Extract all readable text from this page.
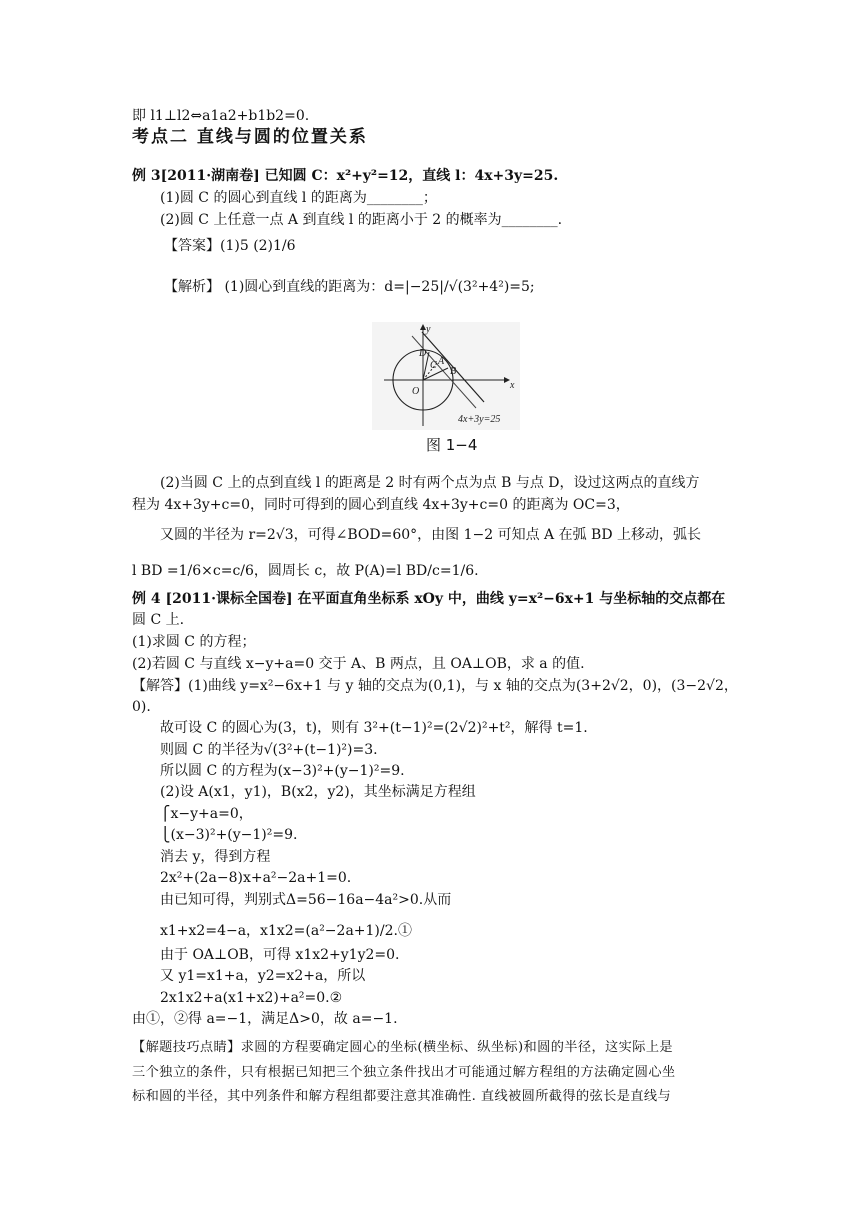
即 l1⊥l2⇔a1a2+b1b2=0.
考点二 直线与圆的位置关系
例 3[2011·湖南卷] 已知圆 C：x²+y²=12，直线 l：4x+3y=25.
(1)圆 C 的圆心到直线 l 的距离为________；
(2)圆 C 上任意一点 A 到直线 l 的距离小于 2 的概率为________.
【答案】(1)5 (2)1/6
【解析】 (1)圆心到直线的距离为：d=|−25|/√(3²+4²)=5;
y
D
C A
B
O
x
4x+3y=25
图 1−4
(2)当圆 C 上的点到直线 l 的距离是 2 时有两个点为点 B 与点 D，设过这两点的直线方
程为 4x+3y+c=0，同时可得到的圆心到直线 4x+3y+c=0 的距离为 OC=3，
又圆的半径为 r=2√3，可得∠BOD=60°，由图 1−2 可知点 A 在弧 BD 上移动，弧长
l BD =1/6×c=c/6，圆周长 c，故 P(A)=l BD/c=1/6.
例 4 [2011·课标全国卷] 在平面直角坐标系 xOy 中，曲线 y=x²−6x+1 与坐标轴的交点都在
圆 C 上.
(1)求圆 C 的方程；
(2)若圆 C 与直线 x−y+a=0 交于 A、B 两点，且 OA⊥OB，求 a 的值.
【解答】(1)曲线 y=x²−6x+1 与 y 轴的交点为(0,1)，与 x 轴的交点为(3+2√2，0)，(3−2√2，
0).
故可设 C 的圆心为(3，t)，则有 3²+(t−1)²=(2√2)²+t²，解得 t=1.
则圆 C 的半径为√(3²+(t−1)²)=3.
所以圆 C 的方程为(x−3)²+(y−1)²=9.
(2)设 A(x1，y1)，B(x2，y2)，其坐标满足方程组
⎧x−y+a=0，
⎩(x−3)²+(y−1)²=9.
消去 y，得到方程
2x²+(2a−8)x+a²−2a+1=0.
由已知可得，判别式Δ=56−16a−4a²>0.从而
x1+x2=4−a，x1x2=(a²−2a+1)/2.①
由于 OA⊥OB，可得 x1x2+y1y2=0.
又 y1=x1+a，y2=x2+a，所以
2x1x2+a(x1+x2)+a²=0.②
由①，②得 a=−1，满足Δ>0，故 a=−1.
【解题技巧点睛】求圆的方程要确定圆心的坐标(横坐标、纵坐标)和圆的半径，这实际上是
三个独立的条件，只有根据已知把三个独立条件找出才可能通过解方程组的方法确定圆心坐
标和圆的半径，其中列条件和解方程组都要注意其准确性. 直线被圆所截得的弦长是直线与
